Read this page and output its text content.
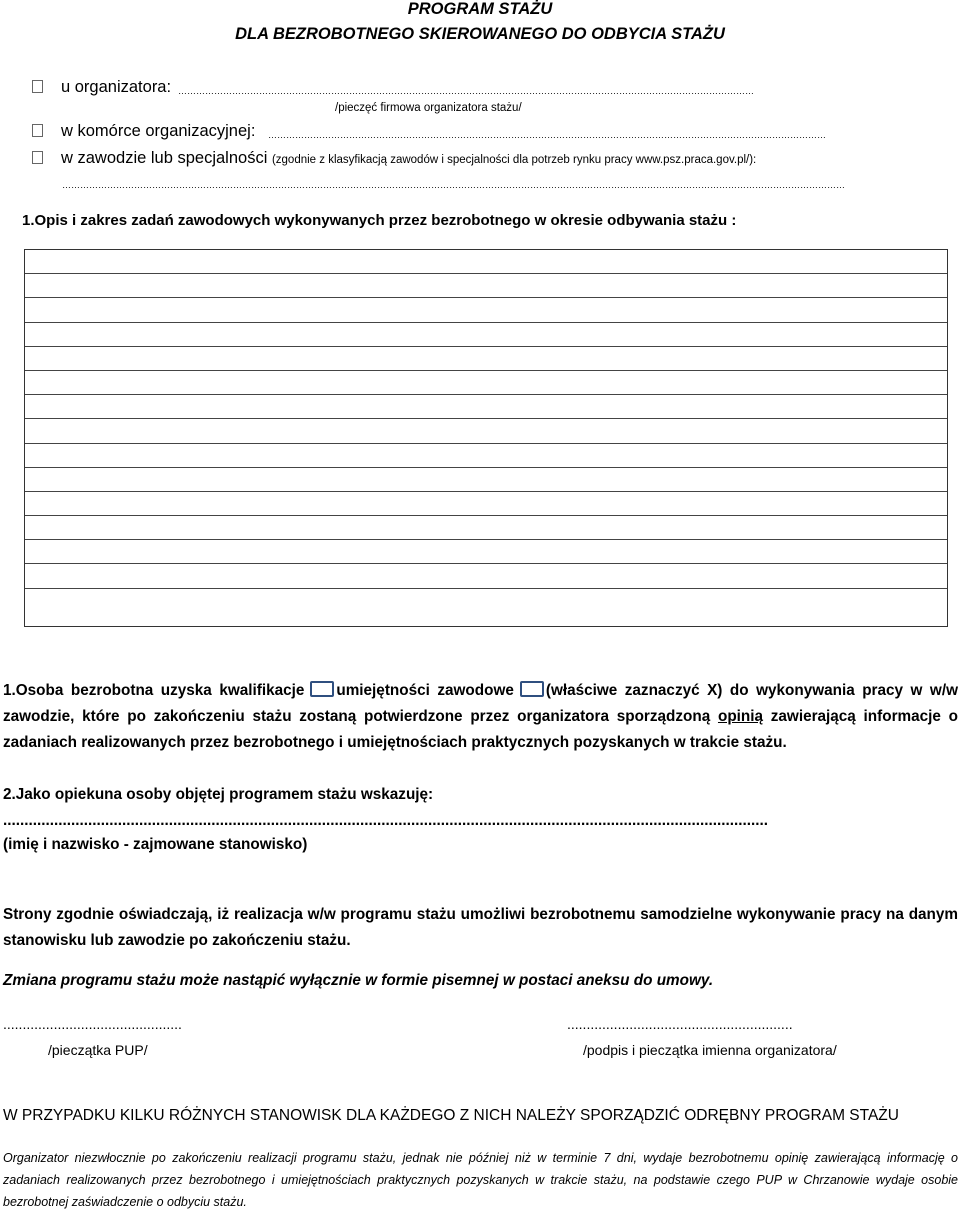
PROGRAM STAŻU
DLA BEZROBOTNEGO SKIEROWANEGO DO ODBYCIA STAŻU
u organizatora: …………………………………………………………………………………………………………………………………………………………………………
/pieczęć firmowa organizatora stażu/
w komórce organizacyjnej: ……………………………………………………………………………………………………………………………………………………………………
w zawodzie lub specjalności (zgodnie z klasyfikacją zawodów i specjalności dla potrzeb rynku pracy www.psz.praca.gov.pl/):
………………………………………………………………………………………………………………………………………………………………………………………………………………………………………
1.Opis i zakres zadań zawodowych wykonywanych przez bezrobotnego w okresie odbywania stażu :
1.Osoba bezrobotna uzyska kwalifikacje umiejętności zawodowe (właściwe zaznaczyć X) do wykonywania pracy w w/w zawodzie, które po zakończeniu stażu zostaną potwierdzone przez organizatora sporządzoną opinią zawierającą informacje o zadaniach realizowanych przez bezrobotnego i umiejętnościach praktycznych pozyskanych w trakcie stażu.
2.Jako opiekuna osoby objętej programem stażu wskazuję:
....................................................................................................................................................................................
(imię i nazwisko - zajmowane stanowisko)
Strony zgodnie oświadczają, iż realizacja w/w programu stażu umożliwi bezrobotnemu samodzielne wykonywanie pracy na danym stanowisku lub zawodzie po zakończeniu stażu.
Zmiana programu stażu może nastąpić wyłącznie w formie pisemnej w postaci aneksu do umowy.
..............................................
/pieczątka PUP/
..........................................................
/podpis i pieczątka imienna organizatora/
W PRZYPADKU KILKU RÓŻNYCH STANOWISK DLA KAŻDEGO Z NICH NALEŻY SPORZĄDZIĆ ODRĘBNY PROGRAM STAŻU
Organizator niezwłocznie po zakończeniu realizacji programu stażu, jednak nie później niż w terminie 7 dni, wydaje bezrobotnemu opinię zawierającą informację o zadaniach realizowanych przez bezrobotnego i umiejętnościach praktycznych pozyskanych w trakcie stażu, na podstawie czego PUP w Chrzanowie wydaje osobie bezrobotnej zaświadczenie o odbyciu stażu.
